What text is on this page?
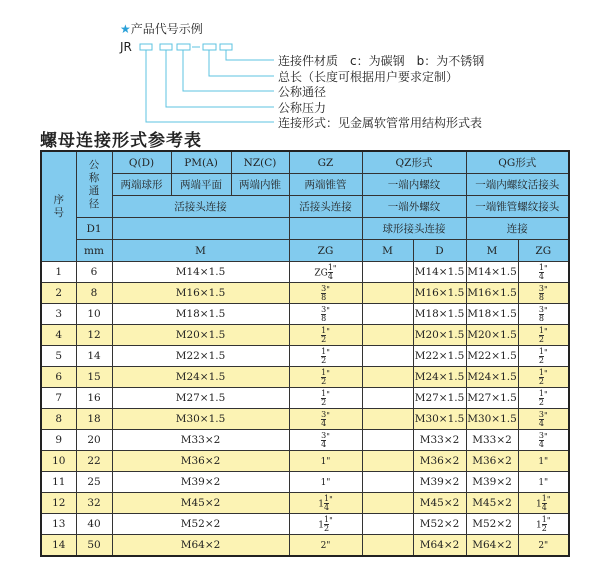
★产品代号示例
JR
连接件材质　c：为碳钢　b：为不锈钢
总长（长度可根据用户要求定制）
公称通径
公称压力
连接形式：见金属软管常用结构形式表
螺母连接形式参考表
序号	公称通径	Q(D)	PM(A)	NZ(C)	GZ	QZ形式		QG形式	
		两端球形	两端平面	两端内锥	两端锥管	一端内螺纹		一端内螺纹活接头	
		活接头连接			活接头连接	一端外螺纹		一端锥管螺纹接头	
	D1					球形接头连接		连接	
	mm	M			ZG	M	D	M	ZG
1	6	M14×1.5			ZG $\frac{1}{4} ^"$		M14×1.5	M14×1.5	$\frac{1}{4} ^"$
2	8	M16×1.5			$\frac{3}{8} ^"$		M16×1.5	M16×1.5	$\frac{3}{8} ^"$
3	10	M18×1.5			$\frac{3}{8} ^"$		M18×1.5	M18×1.5	$\frac{3}{8} ^"$
4	12	M20×1.5			$\frac{1}{2} ^"$		M20×1.5	M20×1.5	$\frac{1}{2} ^"$
5	14	M22×1.5			$\frac{1}{2} ^"$		M22×1.5	M22×1.5	$\frac{1}{2} ^"$
6	15	M24×1.5			$\frac{1}{2} ^"$		M24×1.5	M24×1.5	$\frac{1}{2} ^"$
7	16	M27×1.5			$\frac{1}{2} ^"$		M27×1.5	M27×1.5	$\frac{1}{2} ^"$
8	18	M30×1.5			$\frac{3}{4} ^"$		M30×1.5	M30×1.5	$\frac{3}{4} ^"$
9	20	M33×2			$\frac{3}{4} ^"$		M33×2	M33×2	$\frac{3}{4} ^"$
10	22	M36×2			1"		M36×2	M36×2	1"
11	25	M39×2			1"		M39×2	M39×2	1"
12	32	M45×2			$1 \frac{1}{4} ^"$		M45×2	M45×2	$1 \frac{1}{4} ^"$
13	40	M52×2			$1 \frac{1}{2} ^"$		M52×2	M52×2	$1 \frac{1}{2} ^"$
14	50	M64×2			2"		M64×2	M64×2	2"
